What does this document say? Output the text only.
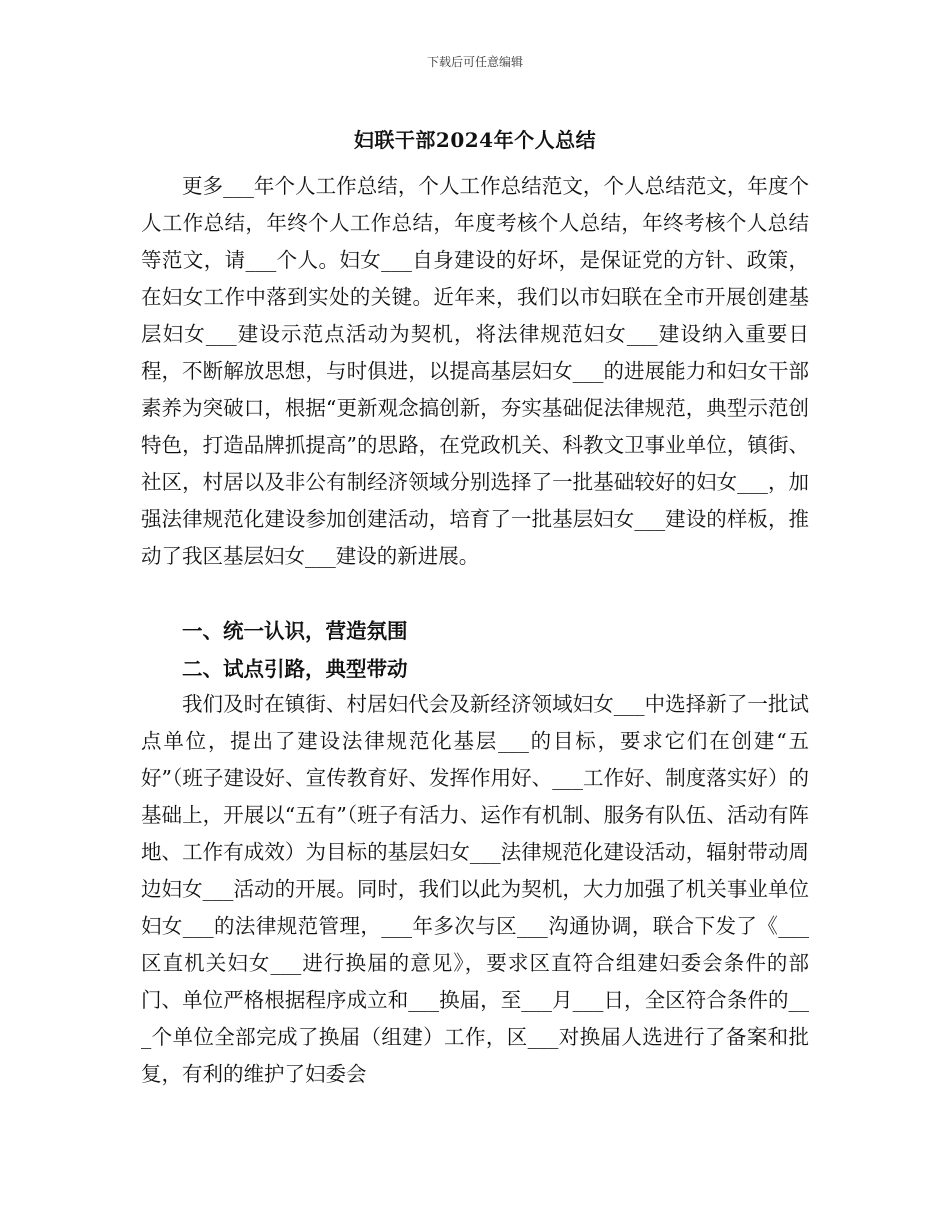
下载后可任意编辑
妇联干部2024年个人总结

更多___年个人工作总结，个人工作总结范文，个人总结范文，年度个人工作总结，年终个人工作总结，年度考核个人总结，年终考核个人总结等范文，请___个人。妇女___自身建设的好坏，是保证党的方针、政策，在妇女工作中落到实处的关键。近年来，我们以市妇联在全市开展创建基层妇女___建设示范点活动为契机，将法律规范妇女___建设纳入重要日程，不断解放思想，与时俱进，以提高基层妇女___的进展能力和妇女干部素养为突破口，根据“更新观念搞创新，夯实基础促法律规范，典型示范创特色，打造品牌抓提高”的思路，在党政机关、科教文卫事业单位，镇街、社区，村居以及非公有制经济领域分别选择了一批基础较好的妇女___，加强法律规范化建设参加创建活动，培育了一批基层妇女___建设的样板，推动了我区基层妇女___建设的新进展。

一、统一认识，营造氛围

二、试点引路，典型带动

我们及时在镇街、村居妇代会及新经济领域妇女___中选择新了一批试点单位，提出了建设法律规范化基层___的目标，要求它们在创建“五好”（班子建设好、宣传教育好、发挥作用好、___工作好、制度落实好）的基础上，开展以“五有”（班子有活力、运作有机制、服务有队伍、活动有阵地、工作有成效）为目标的基层妇女___法律规范化建设活动，辐射带动周边妇女___活动的开展。同时，我们以此为契机，大力加强了机关事业单位妇女___的法律规范管理，___年多次与区___沟通协调，联合下发了《___区直机关妇女___进行换届的意见》，要求区直符合组建妇委会条件的部门、单位严格根据程序成立和___换届，至___月___日，全区符合条件的___个单位全部完成了换届（组建）工作，区___对换届人选进行了备案和批复，有利的维护了妇委会
